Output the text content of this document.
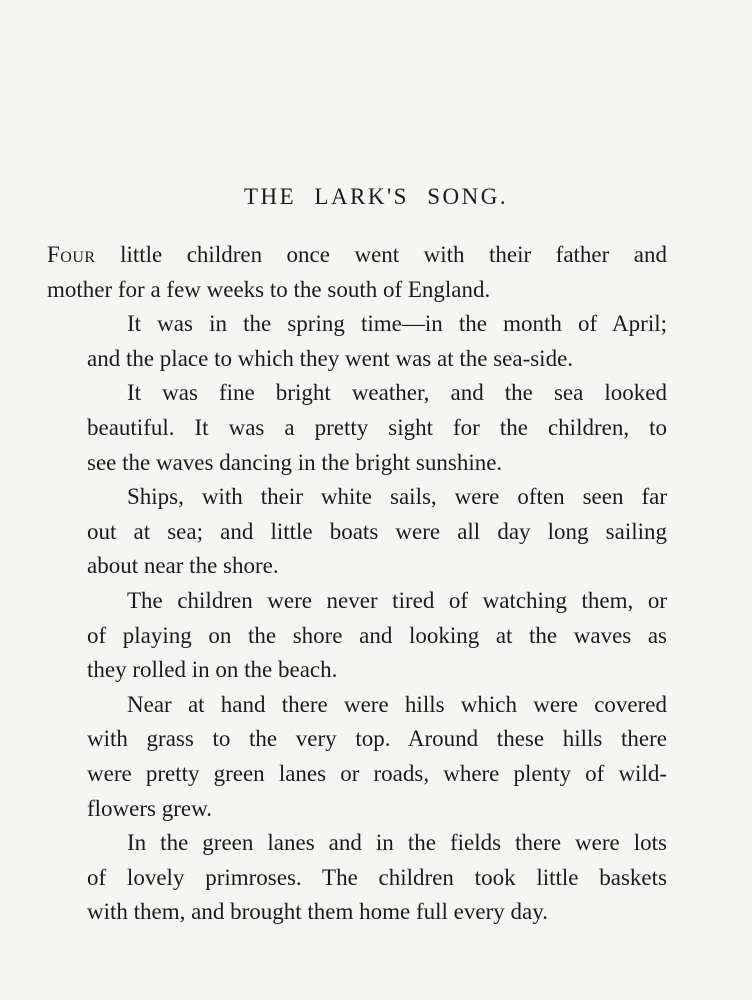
THE LARK'S SONG.

Four little children once went with their father and
mother for a few weeks to the south of England.

It was in the spring time—in the month of April;
and the place to which they went was at the sea-side.

It was fine bright weather, and the sea looked
beautiful. It was a pretty sight for the children, to
see the waves dancing in the bright sunshine.

Ships, with their white sails, were often seen far
out at sea; and little boats were all day long sailing
about near the shore.

The children were never tired of watching them, or
of playing on the shore and looking at the waves as
they rolled in on the beach.

Near at hand there were hills which were covered
with grass to the very top. Around these hills there
were pretty green lanes or roads, where plenty of wild-
flowers grew.

In the green lanes and in the fields there were lots
of lovely primroses. The children took little baskets
with them, and brought them home full every day.
